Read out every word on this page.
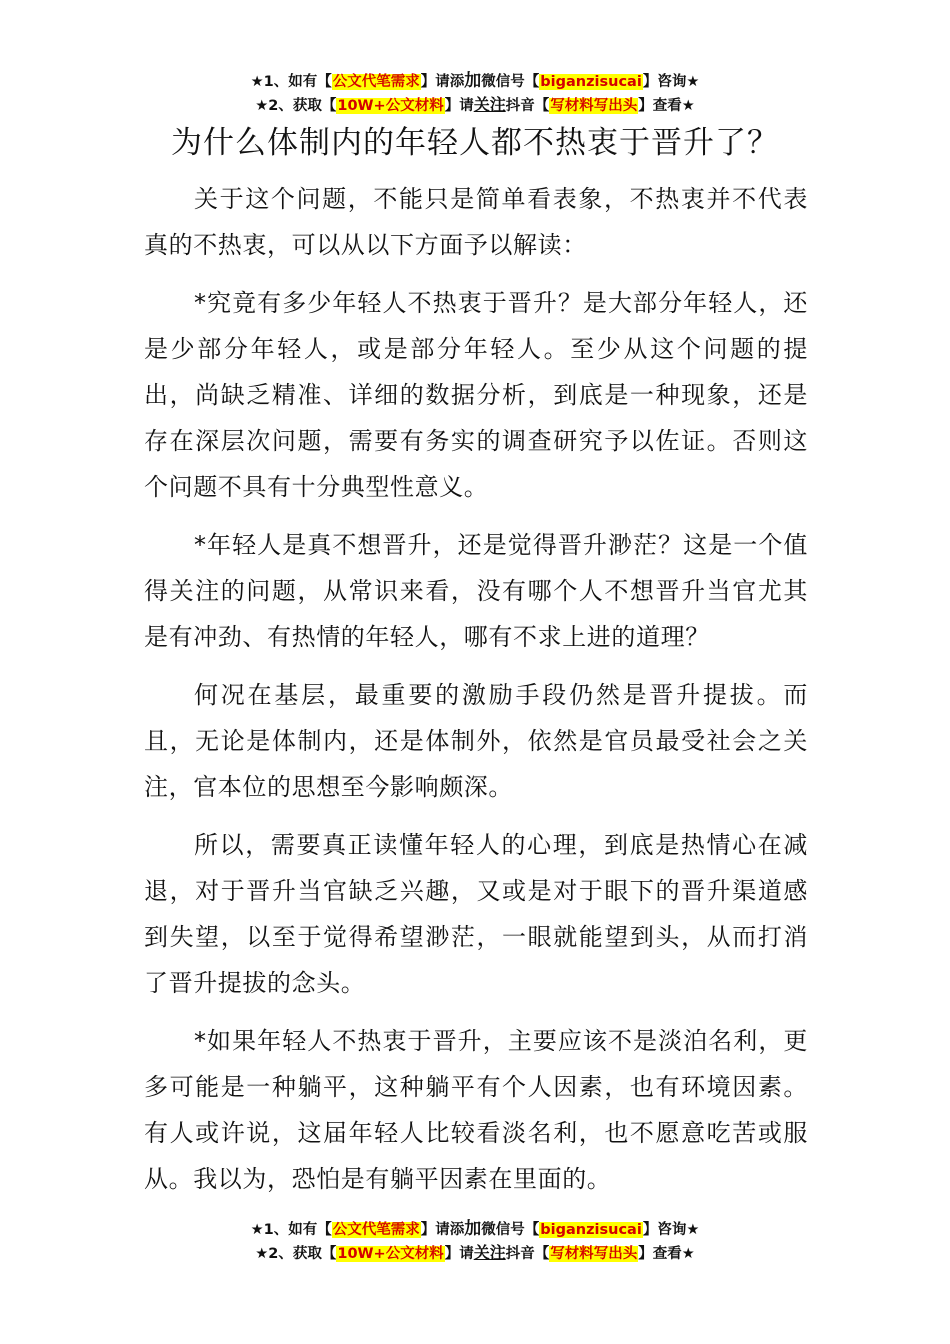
★1、如有【公文代笔需求】请添加微信号【biganzisucai】咨询★
★2、获取【10W+公文材料】请关注抖音【写材料写出头】查看★
为什么体制内的年轻人都不热衷于晋升了？

关于这个问题，不能只是简单看表象，不热衷并不代表真的不热衷，可以从以下方面予以解读：

*究竟有多少年轻人不热衷于晋升？是大部分年轻人，还是少部分年轻人，或是部分年轻人。至少从这个问题的提出，尚缺乏精准、详细的数据分析，到底是一种现象，还是存在深层次问题，需要有务实的调查研究予以佐证。否则这个问题不具有十分典型性意义。

*年轻人是真不想晋升，还是觉得晋升渺茫？这是一个值得关注的问题，从常识来看，没有哪个人不想晋升当官尤其是有冲劲、有热情的年轻人，哪有不求上进的道理？

何况在基层，最重要的激励手段仍然是晋升提拔。而且，无论是体制内，还是体制外，依然是官员最受社会之关注，官本位的思想至今影响颇深。

所以，需要真正读懂年轻人的心理，到底是热情心在减退，对于晋升当官缺乏兴趣，又或是对于眼下的晋升渠道感到失望，以至于觉得希望渺茫，一眼就能望到头，从而打消了晋升提拔的念头。

*如果年轻人不热衷于晋升，主要应该不是淡泊名利，更多可能是一种躺平，这种躺平有个人因素，也有环境因素。有人或许说，这届年轻人比较看淡名利，也不愿意吃苦或服从。我以为，恐怕是有躺平因素在里面的。

★1、如有【公文代笔需求】请添加微信号【biganzisucai】咨询★
★2、获取【10W+公文材料】请关注抖音【写材料写出头】查看★
